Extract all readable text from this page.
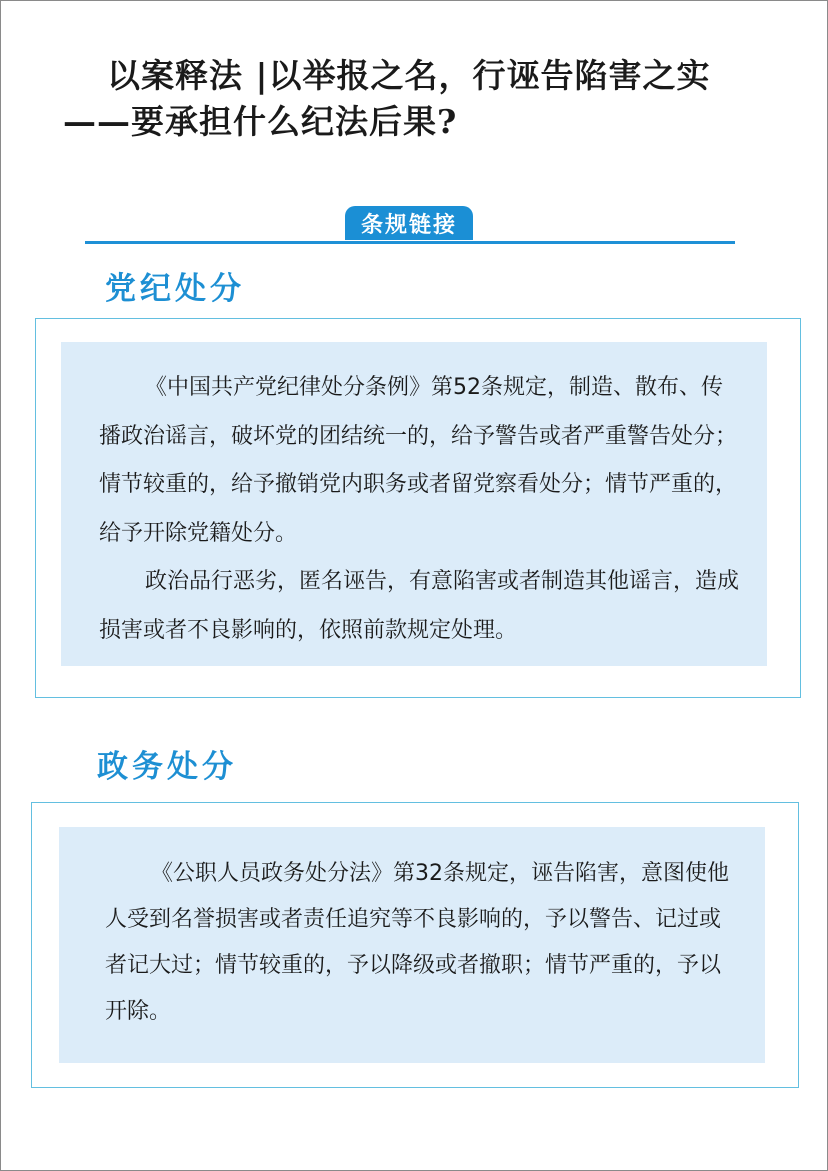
以案释法 |以举报之名，行诬告陷害之实
——要承担什么纪法后果?
条规链接
党纪处分

《中国共产党纪律处分条例》第52条规定，制造、散布、传播政治谣言，破坏党的团结统一的，给予警告或者严重警告处分；情节较重的，给予撤销党内职务或者留党察看处分；情节严重的，给予开除党籍处分。

政治品行恶劣，匿名诬告，有意陷害或者制造其他谣言，造成损害或者不良影响的，依照前款规定处理。

政务处分

《公职人员政务处分法》第32条规定，诬告陷害，意图使他人受到名誉损害或者责任追究等不良影响的，予以警告、记过或者记大过；情节较重的，予以降级或者撤职；情节严重的，予以开除。
